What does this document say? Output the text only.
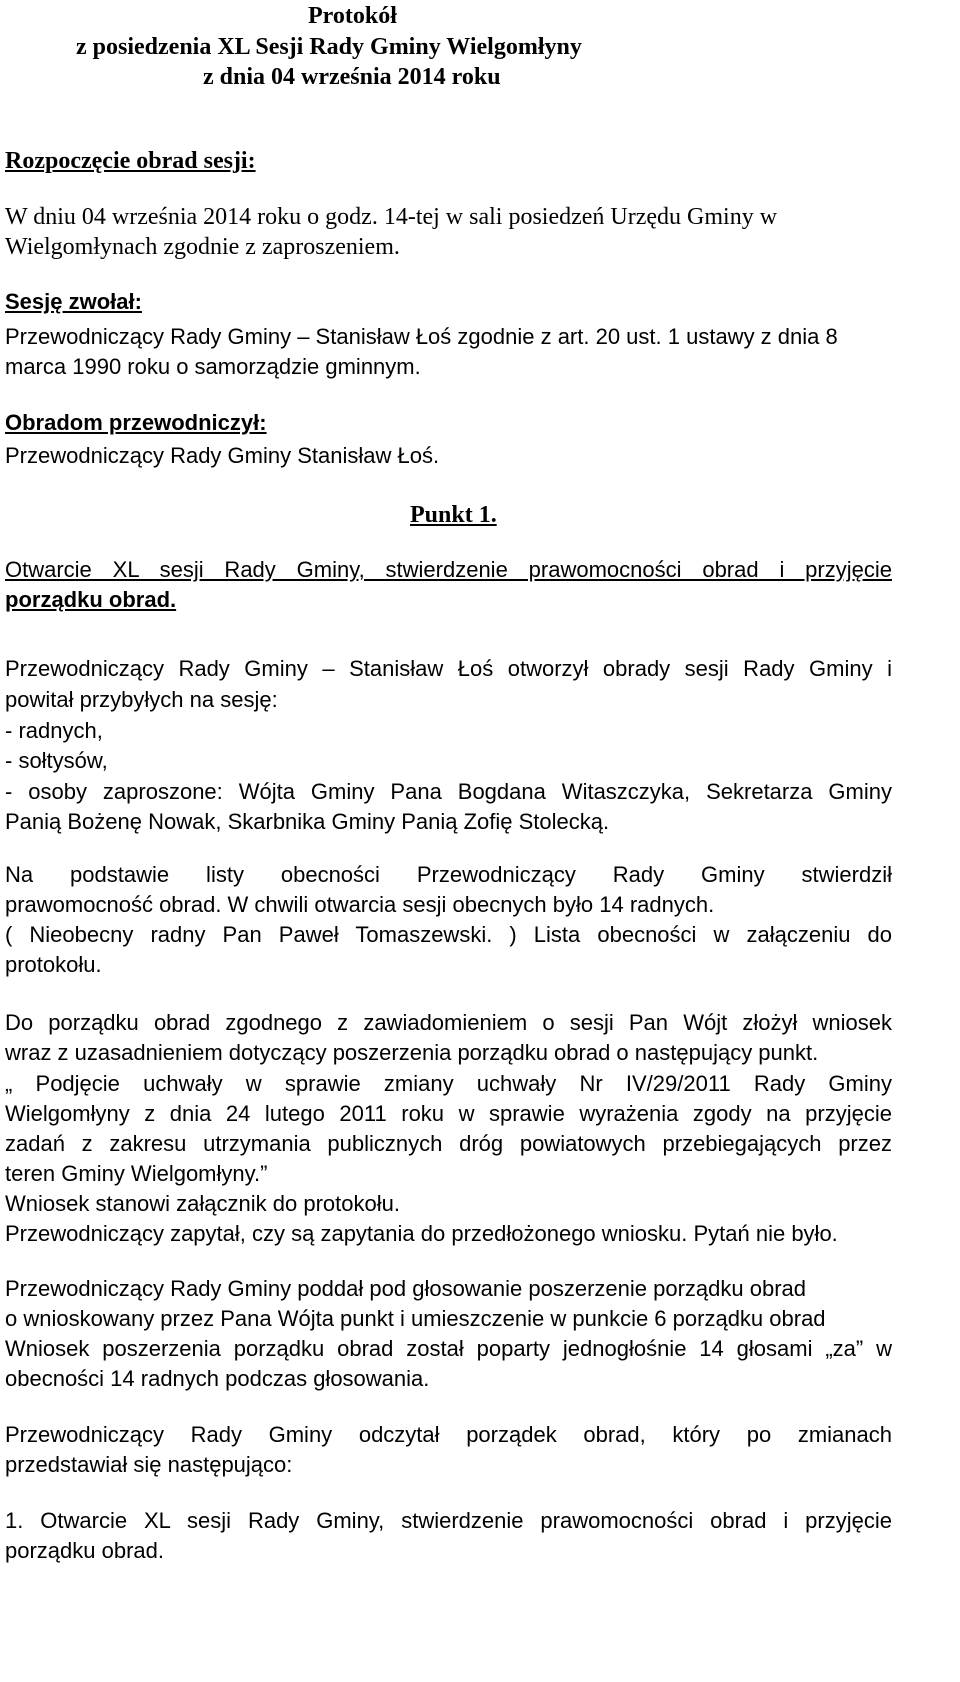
Protokół
z posiedzenia XL Sesji Rady Gminy Wielgomłyny
z dnia 04 września 2014 roku
Rozpoczęcie obrad sesji:
W dniu 04 września 2014 roku o godz. 14-tej w sali posiedzeń Urzędu Gminy w
Wielgomłynach zgodnie z zaproszeniem.
Sesję zwołał:
Przewodniczący Rady Gminy – Stanisław Łoś zgodnie z art. 20 ust. 1 ustawy z dnia 8
marca 1990 roku o samorządzie gminnym.
Obradom przewodniczył:
Przewodniczący Rady Gminy Stanisław Łoś.
Punkt 1.
Otwarcie XL sesji Rady Gminy, stwierdzenie prawomocności obrad i przyjęcie
porządku obrad.
Przewodniczący Rady Gminy – Stanisław Łoś otworzył obrady sesji Rady Gminy i
powitał przybyłych na sesję:
- radnych,
- sołtysów,
- osoby zaproszone: Wójta Gminy Pana Bogdana Witaszczyka, Sekretarza Gminy
Panią Bożenę Nowak, Skarbnika Gminy Panią Zofię Stolecką.
Na podstawie listy obecności Przewodniczący Rady Gminy stwierdził
prawomocność obrad. W chwili otwarcia sesji obecnych było 14 radnych.
( Nieobecny radny Pan Paweł Tomaszewski. ) Lista obecności w załączeniu do
protokołu.
Do porządku obrad zgodnego z zawiadomieniem o sesji Pan Wójt złożył wniosek
wraz z uzasadnieniem dotyczący poszerzenia porządku obrad o następujący punkt.
„ Podjęcie uchwały w sprawie zmiany uchwały Nr IV/29/2011 Rady Gminy
Wielgomłyny z dnia 24 lutego 2011 roku w sprawie wyrażenia zgody na przyjęcie
zadań z zakresu utrzymania publicznych dróg powiatowych przebiegających przez
teren Gminy Wielgomłyny.”
Wniosek stanowi załącznik do protokołu.
Przewodniczący zapytał, czy są zapytania do przedłożonego wniosku. Pytań nie było.
Przewodniczący Rady Gminy poddał pod głosowanie poszerzenie porządku obrad
o wnioskowany przez Pana Wójta punkt i umieszczenie w punkcie 6 porządku obrad
Wniosek poszerzenia porządku obrad został poparty jednogłośnie 14 głosami „za” w
obecności 14 radnych podczas głosowania.
Przewodniczący Rady Gminy odczytał porządek obrad, który po zmianach
przedstawiał się następująco:
1. Otwarcie XL sesji Rady Gminy, stwierdzenie prawomocności obrad i przyjęcie
porządku obrad.
